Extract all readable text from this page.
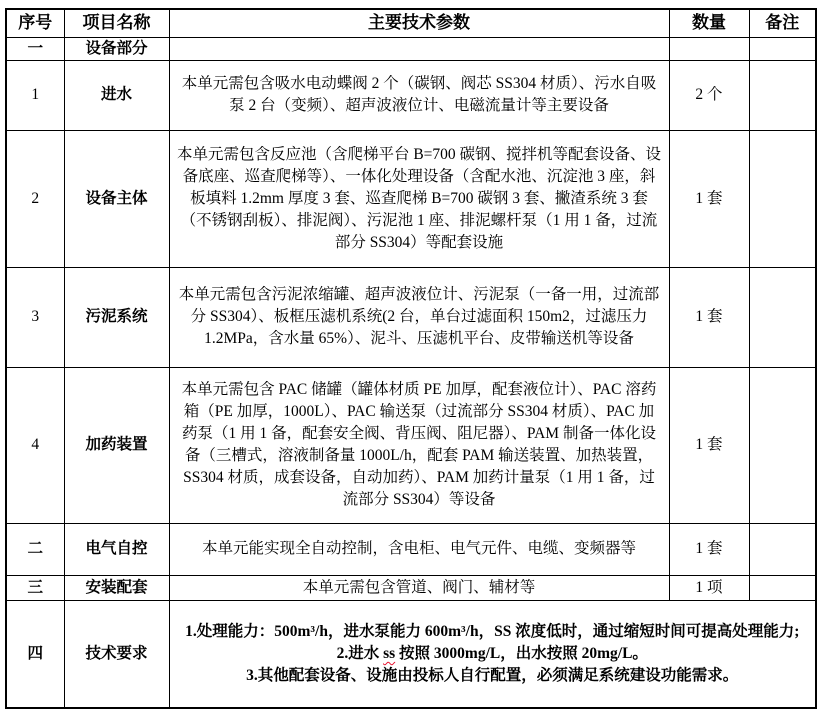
序号	项目名称	主要技术参数	数量	备注
一	设备部分			
1	进水	本单元需包含吸水电动蝶阀 2 个（碳钢、阀芯 SS304 材质）、污水自吸泵 2 台（变频）、超声波液位计、电磁流量计等主要设备	2 个	
2	设备主体	本单元需包含反应池（含爬梯平台 B=700 碳钢、搅拌机等配套设备、设备底座、巡查爬梯等）、一体化处理设备（含配水池、沉淀池 3 座，斜板填料 1.2mm 厚度 3 套、巡查爬梯 B=700 碳钢 3 套、撇渣系统 3 套（不锈钢刮板）、排泥阀）、污泥池 1 座、排泥螺杆泵（1 用 1 备，过流部分 SS304）等配套设施	1 套	
3	污泥系统	本单元需包含污泥浓缩罐、超声波液位计、污泥泵（一备一用，过流部分 SS304）、板框压滤机系统(2 台，单台过滤面积 150m2，过滤压力 1.2MPa，含水量 65%）、泥斗、压滤机平台、皮带输送机等设备	1 套	
4	加药装置	本单元需包含 PAC 储罐（罐体材质 PE 加厚，配套液位计）、PAC 溶药箱（PE 加厚，1000L）、PAC 输送泵（过流部分 SS304 材质）、PAC 加药泵（1 用 1 备，配套安全阀、背压阀、阻尼器）、PAM 制备一体化设备（三槽式，溶液制备量 1000L/h，配套 PAM 输送装置、加热装置，SS304 材质，成套设备，自动加药）、PAM 加药计量泵（1 用 1 备，过流部分 SS304）等设备	1 套	
二	电气自控	本单元能实现全自动控制，含电柜、电气元件、电缆、变频器等	1 套	
三	安装配套	本单元需包含管道、阀门、辅材等	1 项	
四	技术要求	1.处理能力：500m³/h，进水泵能力 600m³/h，SS 浓度低时，通过缩短时间可提高处理能力;
2.进水 ss 按照 3000mg/L，出水按照 20mg/L。
3.其他配套设备、设施由投标人自行配置，必须满足系统建设功能需求。		
